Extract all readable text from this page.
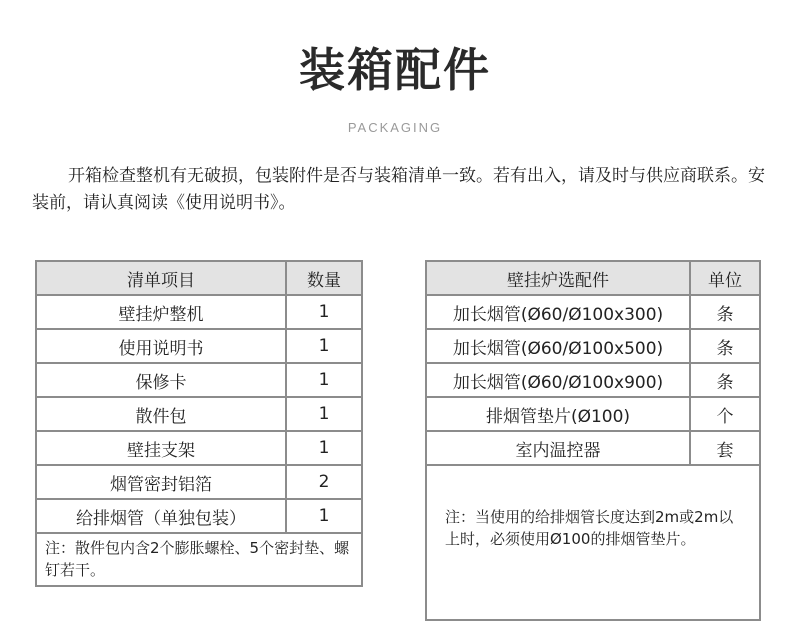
装箱配件
PACKAGING
开箱检查整机有无破损，包装附件是否与装箱清单一致。若有出入，请及时与供应商联系。安装前，请认真阅读《使用说明书》。
清单项目	数量
壁挂炉整机	1
使用说明书	1
保修卡	1
散件包	1
壁挂支架	1
烟管密封铝箔	2
给排烟管（单独包装）	1
注：散件包内含2个膨胀螺栓、5个密封垫、螺钉若干。	
壁挂炉选配件	单位
加长烟管(Ø60/Ø100x300)	条
加长烟管(Ø60/Ø100x500)	条
加长烟管(Ø60/Ø100x900)	条
排烟管垫片(Ø100)	个
室内温控器	套
注：当使用的给排烟管长度达到2m或2m以上时，必须使用Ø100的排烟管垫片。	
